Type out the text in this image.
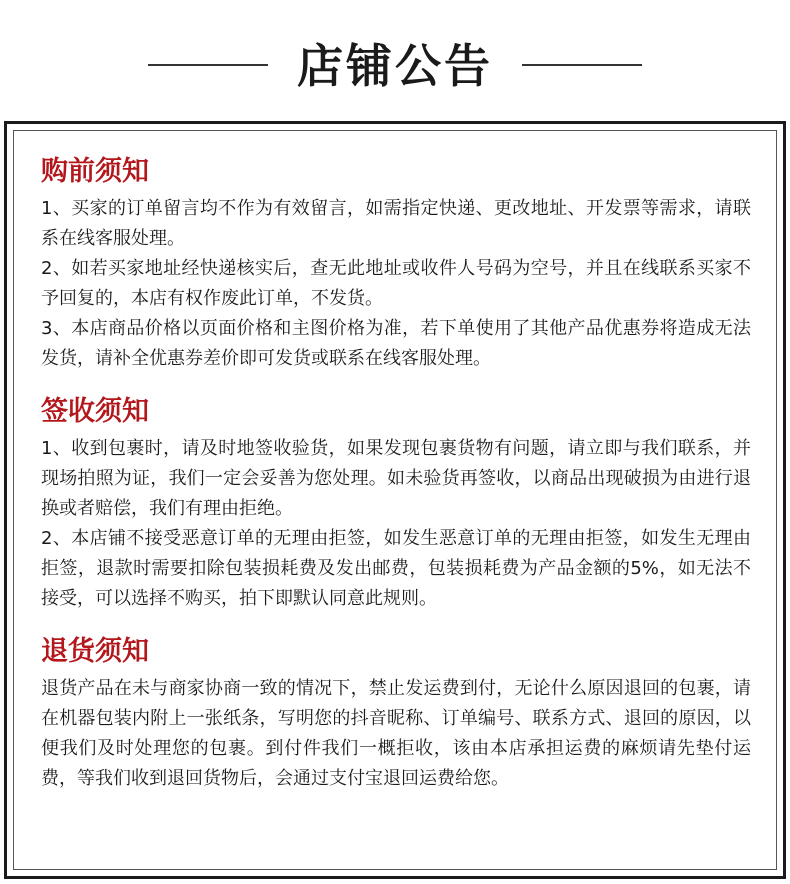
店铺公告
购前须知

1、买家的订单留言均不作为有效留言，如需指定快递、更改地址、开发票等需求，请联系在线客服处理。

2、如若买家地址经快递核实后，查无此地址或收件人号码为空号，并且在线联系买家不予回复的，本店有权作废此订单，不发货。

3、本店商品价格以页面价格和主图价格为准，若下单使用了其他产品优惠券将造成无法发货，请补全优惠券差价即可发货或联系在线客服处理。

签收须知

1、收到包裹时，请及时地签收验货，如果发现包裹货物有问题，请立即与我们联系，并现场拍照为证，我们一定会妥善为您处理。如未验货再签收，以商品出现破损为由进行退换或者赔偿，我们有理由拒绝。

2、本店铺不接受恶意订单的无理由拒签，如发生恶意订单的无理由拒签，如发生无理由拒签，退款时需要扣除包装损耗费及发出邮费，包装损耗费为产品金额的5%，如无法不接受，可以选择不购买，拍下即默认同意此规则。

退货须知

退货产品在未与商家协商一致的情况下，禁止发运费到付，无论什么原因退回的包裹，请在机器包装内附上一张纸条，写明您的抖音昵称、订单编号、联系方式、退回的原因，以便我们及时处理您的包裹。到付件我们一概拒收，该由本店承担运费的麻烦请先垫付运费，等我们收到退回货物后，会通过支付宝退回运费给您。
